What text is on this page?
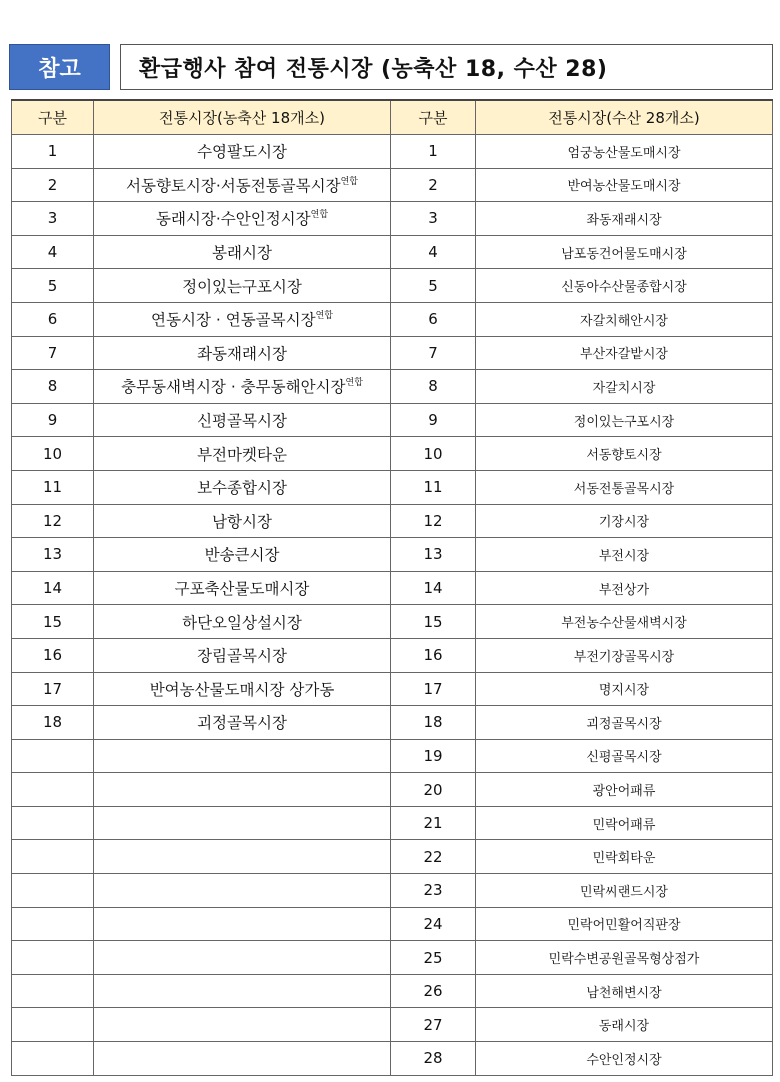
참고	환급행사 참여 전통시장 (농축산 18, 수산 28)
구분	전통시장(농축산 18개소)	구분	전통시장(수산 28개소)
1	수영팔도시장	1	엄궁농산물도매시장
2	서동향토시장·서동전통골목시장$^{연합}$	2	반여농산물도매시장
3	동래시장·수안인정시장$^{연합}$	3	좌동재래시장
4	봉래시장	4	남포동건어물도매시장
5	정이있는구포시장	5	신동아수산물종합시장
6	연동시장 · 연동골목시장$^{연합}$	6	자갈치해안시장
7	좌동재래시장	7	부산자갈밭시장
8	충무동새벽시장 · 충무동해안시장$^{연합}$	8	자갈치시장
9	신평골목시장	9	정이있는구포시장
10	부전마켓타운	10	서동향토시장
11	보수종합시장	11	서동전통골목시장
12	남항시장	12	기장시장
13	반송큰시장	13	부전시장
14	구포축산물도매시장	14	부전상가
15	하단오일상설시장	15	부전농수산물새벽시장
16	장림골목시장	16	부전기장골목시장
17	반여농산물도매시장 상가동	17	명지시장
18	괴정골목시장	18	괴정골목시장
		19	신평골목시장
		20	광안어패류
		21	민락어패류
		22	민락회타운
		23	민락씨랜드시장
		24	민락어민활어직판장
		25	민락수변공원골목형상점가
		26	남천해변시장
		27	동래시장
		28	수안인정시장
